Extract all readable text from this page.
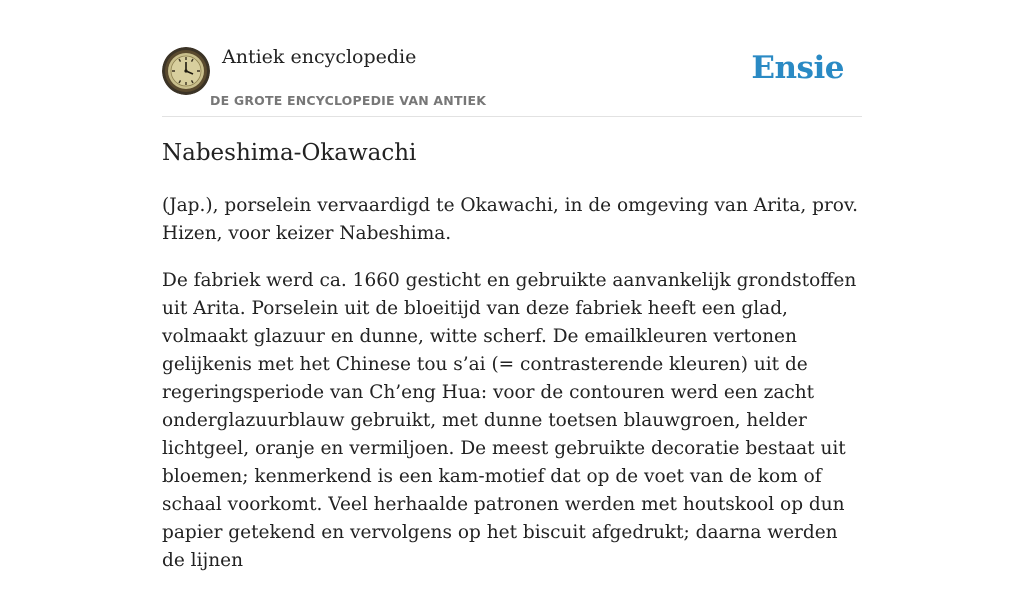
Antiek encyclopedie
DE GROTE ENCYCLOPEDIE VAN ANTIEK
Ensie
Nabeshima-Okawachi

(Jap.), porselein vervaardigd te Okawachi, in de omgeving van Arita, prov. Hizen, voor keizer Nabeshima.

De fabriek werd ca. 1660 gesticht en gebruikte aanvankelijk grondstoffen uit Arita. Porselein uit de bloeitijd van deze fabriek heeft een glad, volmaakt glazuur en dunne, witte scherf. De emailkleuren vertonen gelijkenis met het Chinese tou s’ai (= contrasterende kleuren) uit de regeringsperiode van Ch’eng Hua: voor de contouren werd een zacht onderglazuurblauw gebruikt, met dunne toetsen blauwgroen, helder lichtgeel, oranje en vermiljoen. De meest gebruikte decoratie bestaat uit bloemen; kenmerkend is een kam-motief dat op de voet van de kom of schaal voorkomt. Veel herhaalde patronen werden met houtskool op dun papier getekend en vervolgens op het biscuit afgedrukt; daarna werden de lijnen
